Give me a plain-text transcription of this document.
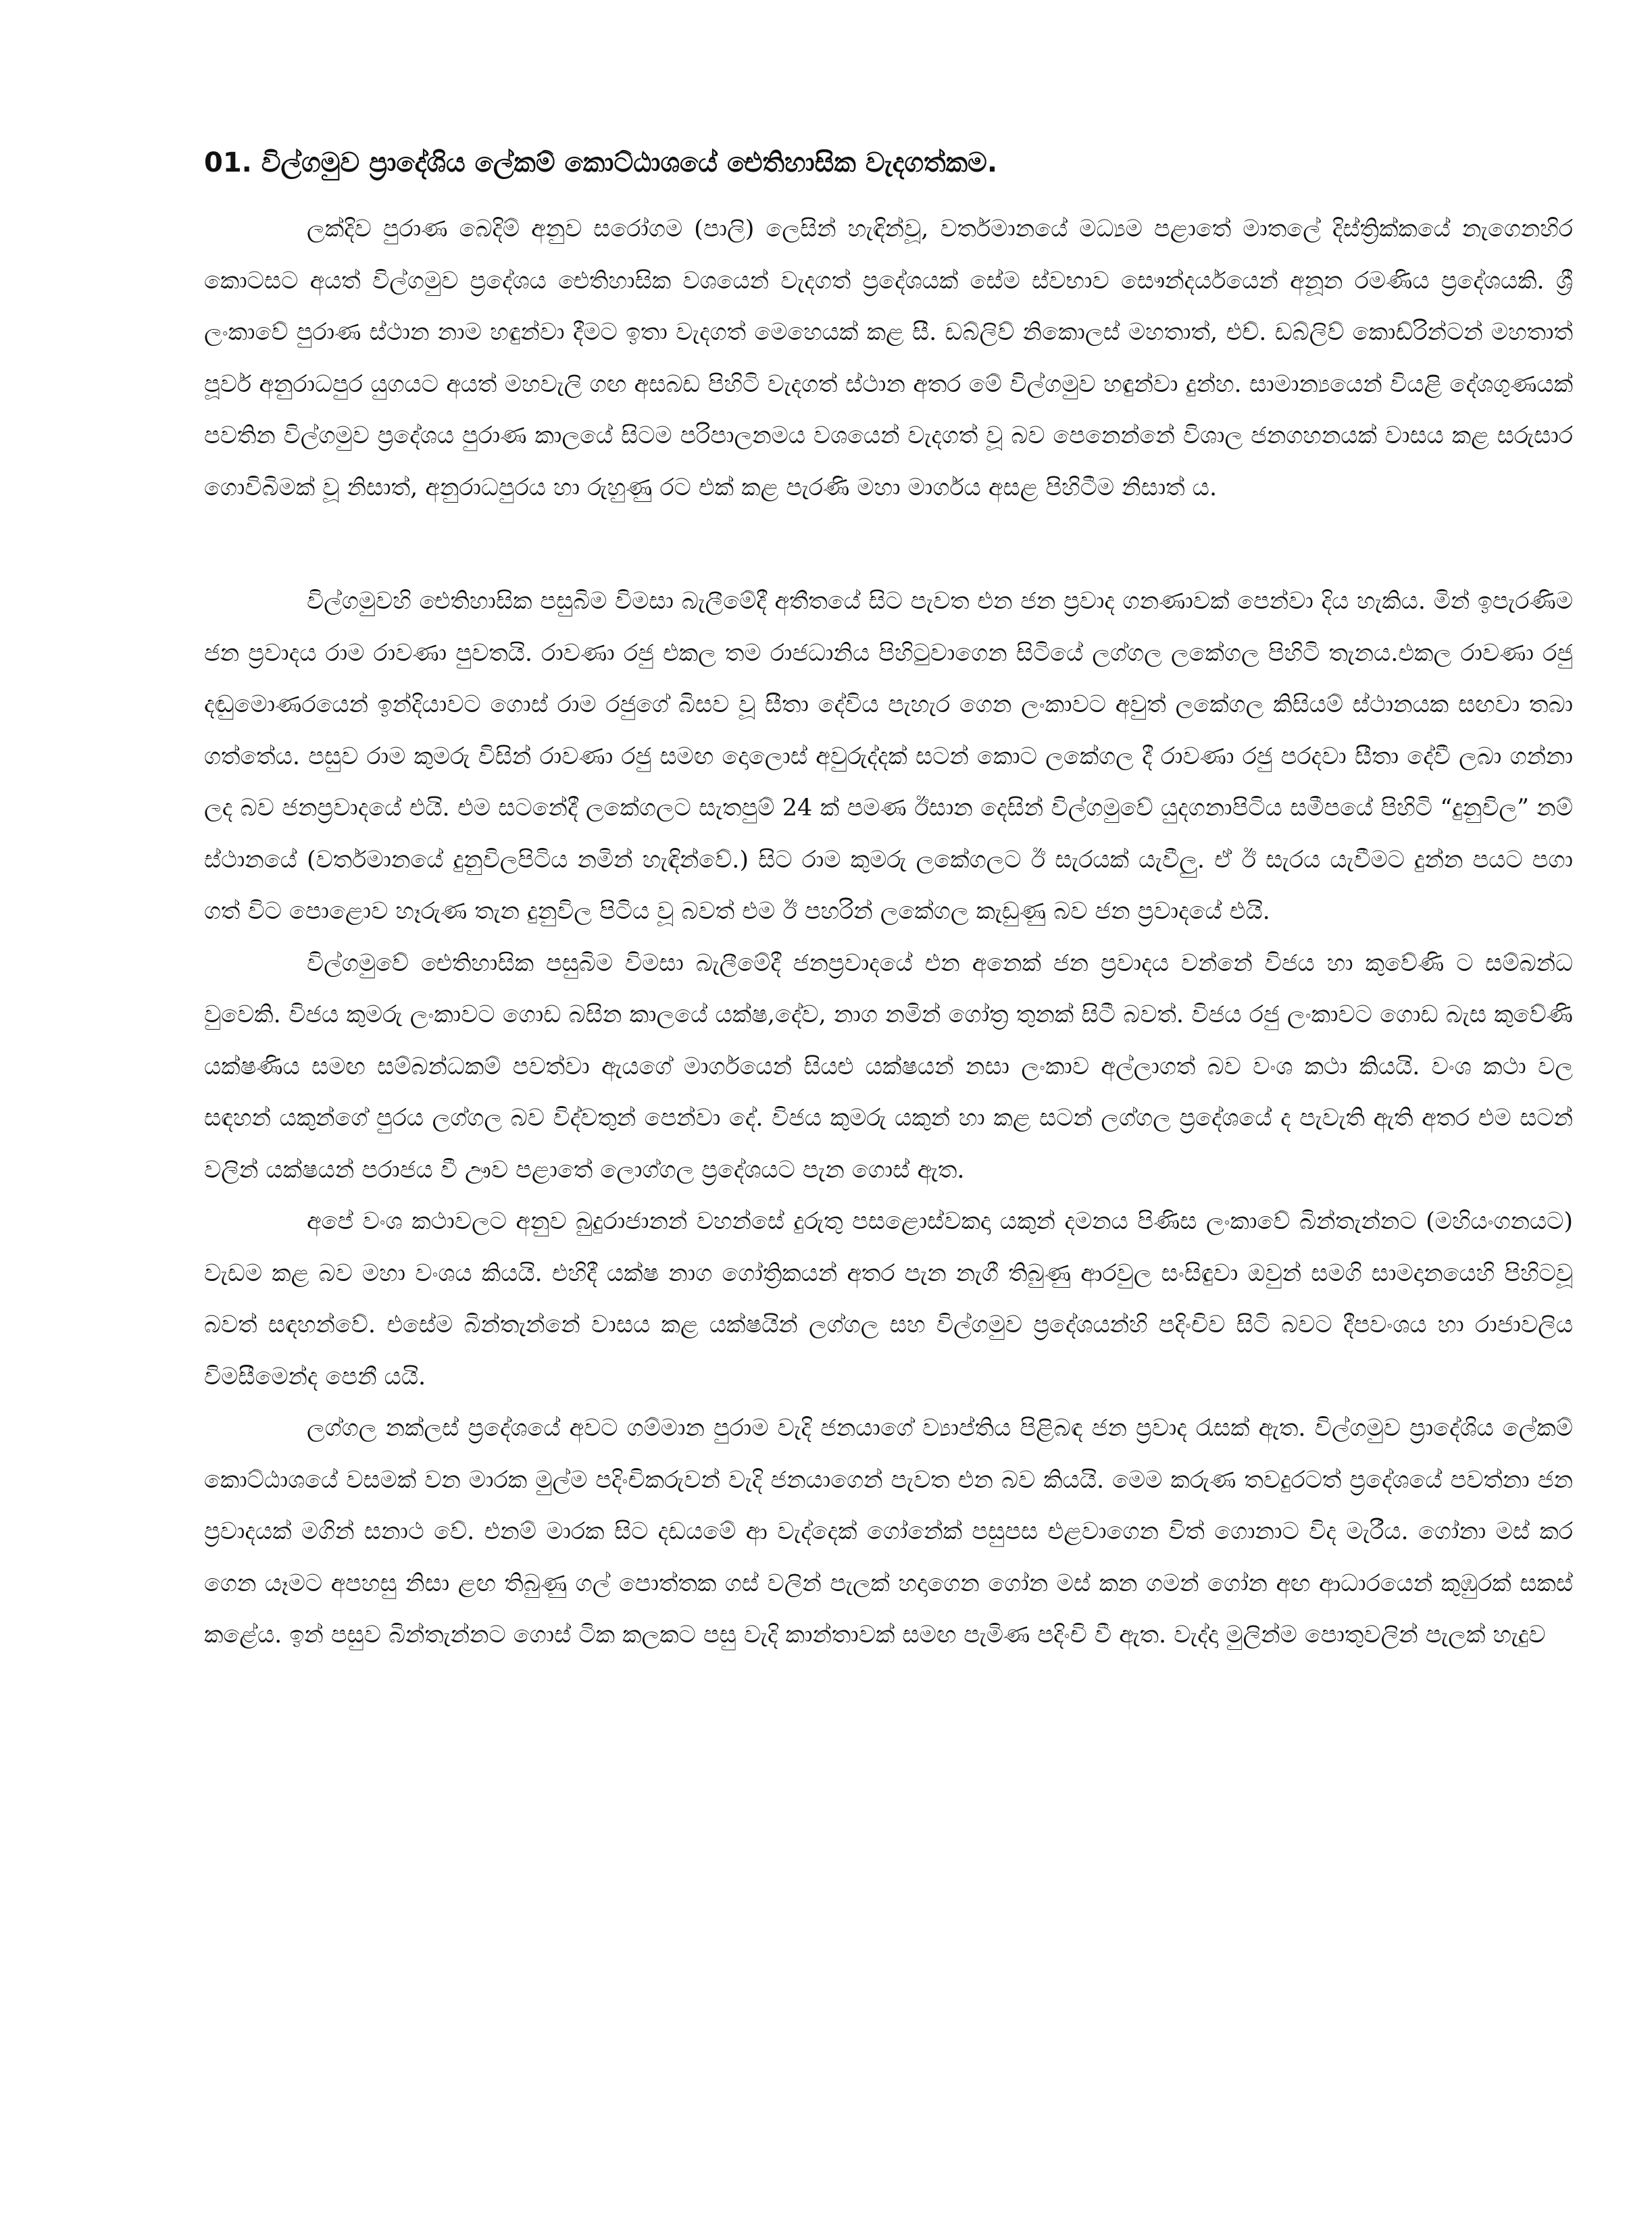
01. විල්ගමුව ප්‍රාදේශිය ලේකම් කොට්ඨාශයේ ඓතිහාසික වැදගත්කම.

ලක්දිව පුරාණ බෙදිම් අනුව සරෝගම (පාලි) ලෙසින් හැඳින්වූ, වර්තමානයේ මධ්‍යම පළාතේ මාතලේ දිස්ත්‍රික්කයේ නැගෙනහිර කොටසට අයත් විල්ගමුව ප්‍රදේශය ඓතිහාසික වශයෙන් වැදගත් ප්‍රදේශයක් සේම ස්වභාව සෞන්දර්යයෙන් අනූන රමණිය ප්‍රදේශයකි. ශ්‍රී ලංකාවේ පුරාණ ස්ථාන නාම හඳුන්වා දීමට ඉතා වැදගත් මෙහෙයක් කළ සී. ඩබ්ලිව් නිකොලස් මහතාත්, එච්. ඩබ්ලිව් කොඩ්රින්ටන් මහතාත් පූර්ව අනුරාධපුර යුගයට අයත් මහවැලි ගඟ අසබඩ පිහිටි වැදගත් ස්ථාන අතර මේ විල්ගමුව හඳුන්වා දුන්හ. සාමාන්‍යයෙන් වියළි දේශගුණයක් පවතින විල්ගමුව ප්‍රදේශය පුරාණ කාලයේ සිටම පරිපාලනමය වශයෙන් වැදගත් වූ බව පෙනෙන්නේ විශාල ජනගහනයක් වාසය කළ සරුසාර ගොවිබිමක් වූ නිසාත්, අනුරාධපුරය හා රුහුණු රට එක් කළ පැරණි මහා මාර්ගය අසළ පිහිටීම නිසාත් ය.

විල්ගමුවහි ඓතිහාසික පසුබිම විමසා බැලීමේදී අතීතයේ සිට පැවත එන ජන ප්‍රවාද ගනණාවක් පෙන්වා දිය හැකිය. මින් ඉපැරණිම ජන ප්‍රවාදය රාම රාවණා පුවතයි. රාවණා රජු එකල තම රාජධානිය පිහිටුවාගෙන සිටියේ ලග්ගල ලකේගල පිහිටි තැනය.එකල රාවණා රජු දඬුමොණරයෙන් ඉන්දියාවට ගොස් රාම රජුගේ බිසව වූ සීතා දේවිය පැහැර ගෙන ලංකාවට අවුත් ලකේගල කිසියම් ස්ථානයක සඟවා තබා ගත්තේය. පසුව රාම කුමරු විසින් රාවණා රජු සමඟ දොලොස් අවුරුද්දක් සටන් කොට ලකේගල දී රාවණා රජු පරදවා සීතා දේවී ලබා ගන්නා ලද බව ජනප්‍රවාදයේ එයි. එම සටනේදී ලකේගලට සැතපුම් 24 ක් පමණ ඊසාන දෙසින් විල්ගමුවේ යුදගනාපිටිය සමීපයේ පිහිටි “දුනුවිල” නම් ස්ථානයේ (වර්තමානයේ දුනුවිලපිටිය නමින් හැඳින්වේ.) සිට රාම කුමරු ලකේගලට ඊ සැරයක් යැවීලු. ඒ ඊ සැරය යැවීමට දුන්න පයට පගා ගත් විට පොළොව හෑරුණ තැන දුනුවිල පිටිය වූ බවත් එම ඊ පහරින් ලකේගල කැඩුණු බව ජන ප්‍රවාදයේ එයි.

විල්ගමුවේ ඓතිහාසික පසුබිම විමසා බැලීමේදී ජනප්‍රවාදයේ එන අනෙක් ජන ප්‍රවාදය වන්නේ විජය හා කුවේණි ට සම්බන්ධ වුවෙකි. විජය කුමරු ලංකාවට ගොඩ බසින කාලයේ යක්ෂ,දේව, නාග නමින් ගෝත්‍ර තුනක් සිටී බවත්. විජය රජු ලංකාවට ගොඩ බැස කුවේණි යක්ෂණිය සමඟ සම්බන්ධකම් පවත්වා ඇයගේ මාර්ගයෙන් සියළු යක්ෂයන් නසා ලංකාව අල්ලාගත් බව වංශ කථා කියයි. වංශ කථා වල සඳහන් යකුන්ගේ පුරය ලග්ගල බව විද්වතුන් පෙන්වා දේ. විජය කුමරු යකුන් හා කළ සටන් ලග්ගල ප්‍රදේශයේ ද පැවැති ඇති අතර එම සටන් වලින් යක්ෂයන් පරාජය වී ඌව පළාතේ ලොග්ගල ප්‍රදේශයට පැන ගොස් ඇත.

අපේ වංශ කථාවලට අනුව බුදුරාජානන් වහන්සේ දුරුතු පසළොස්වකදා යකුන් දමනය පිණිස ලංකාවේ බින්තැන්නට (මහියංගනයට) වැඩම කළ බව මහා වංශය කියයි. එහිදී යක්ෂ නාග ගෝත්‍රිකයන් අතර පැන නැගී තිබුණු ආරවුල සංසිඳුවා ඔවුන් සමගි සාමදානයෙහි පිහිටවූ බවත් සඳහන්වේ. එසේම බින්තැන්නේ වාසය කළ යක්ෂයින් ලග්ගල සහ විල්ගමුව ප්‍රදේශයන්හි පදිංචිව සිටි බවට දීපවංශය හා රාජාවලිය විමසීමෙන්ද පෙනී යයි.

ලග්ගල නක්ලස් ප්‍රදේශයේ අවට ගම්මාන පුරාම වැදි ජනයාගේ ව්‍යාප්තිය පිළිබඳ ජන ප්‍රවාද රැසක් ඇත. විල්ගමුව ප්‍රාදේශිය ලේකම් කොට්ඨාශයේ වසමක් වන මාරක මුල්ම පදිංචිකරුවන් වැදි ජනයාගෙන් පැවත එන බව කියයි. මෙම කරුණ තවදුරටත් ප්‍රදේශයේ පවත්නා ජන ප්‍රවාදයක් මගින් සනාථ වේ. එනම් මාරක සිට දඩයමේ ආ වැද්දෙක් ගෝනේක් පසුපස එළවාගෙන විත් ගොනාට විද මැරීය. ගෝනා මස් කර ගෙන යෑමට අපහසු නිසා ළඟ තිබුණු ගල් පොත්තක ගස් වලින් පැලක් හදාගෙන ගෝන මස් කන ගමන් ගෝන අඟ ආධාරයෙන් කුඹුරක් සකස් කළේය. ඉන් පසුව බින්තැන්නට ගොස් ටික කලකට පසු වැදි කාන්තාවක් සමඟ පැමිණ පදිංචි වී ඇත. වැද්දා මුලින්ම පොතුවලින් පැලක් හැදුව
